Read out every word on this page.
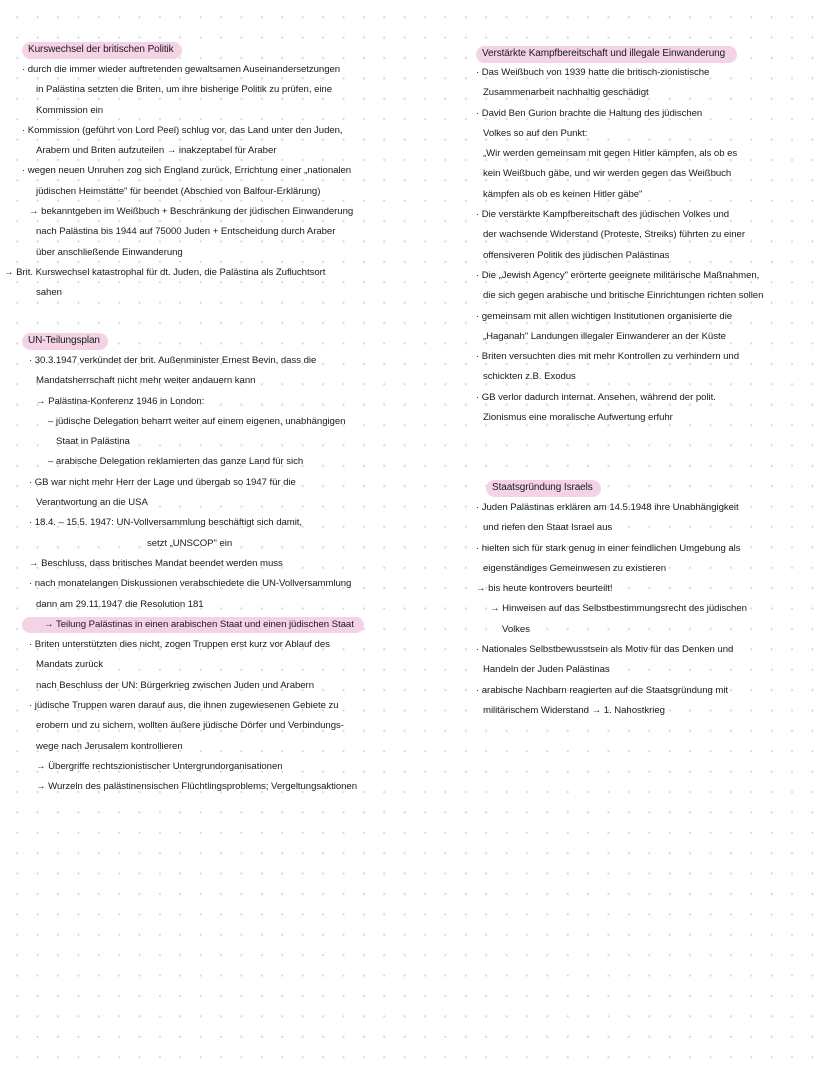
Kurswechsel der britischen Politik
· durch die immer wieder auftretenden gewaltsamen Auseinandersetzungen
in Palästina setzten die Briten, um ihre bisherige Politik zu prüfen, eine
Kommission ein
· Kommission (geführt von Lord Peel) schlug vor, das Land unter den Juden,
Arabern und Briten aufzuteilen → inakzeptabel für Araber
· wegen neuen Unruhen zog sich England zurück, Errichtung einer „nationalen
jüdischen Heimstätte" für beendet (Abschied von Balfour-Erklärung)
→ bekanntgeben im Weißbuch + Beschränkung der jüdischen Einwanderung
nach Palästina bis 1944 auf 75000 Juden + Entscheidung durch Araber
über anschließende Einwanderung
→ Brit. Kurswechsel katastrophal für dt. Juden, die Palästina als Zufluchtsort
sahen
UN-Teilungsplan
· 30.3.1947 verkündet der brit. Außenminister Ernest Bevin, dass die
Mandatsherrschaft nicht mehr weiter andauern kann
→ Palästina-Konferenz 1946 in London:
– jüdische Delegation beharrt weiter auf einem eigenen, unabhängigen
Staat in Palästina
– arabische Delegation reklamierten das ganze Land für sich
· GB war nicht mehr Herr der Lage und übergab so 1947 für die
Verantwortung an die USA
· 18.4. – 15.5. 1947: UN-Vollversammlung beschäftigt sich damit,
setzt „UNSCOP" ein
→ Beschluss, dass britisches Mandat beendet werden muss
· nach monatelangen Diskussionen verabschiedete die UN-Vollversammlung
dann am 29.11.1947 die Resolution 181
→ Teilung Palästinas in einen arabischen Staat und einen jüdischen Staat
· Briten unterstützten dies nicht, zogen Truppen erst kurz vor Ablauf des
Mandats zurück
nach Beschluss der UN: Bürgerkrieg zwischen Juden und Arabern
· jüdische Truppen waren darauf aus, die ihnen zugewiesenen Gebiete zu
erobern und zu sichern, wollten äußere jüdische Dörfer und Verbindungs-
wege nach Jerusalem kontrollieren
→ Übergriffe rechtszionistischer Untergrundorganisationen
→ Wurzeln des palästinensischen Flüchtlingsproblems; Vergeltungsaktionen
Verstärkte Kampfbereitschaft und illegale Einwanderung
· Das Weißbuch von 1939 hatte die britisch-zionistische
Zusammenarbeit nachhaltig geschädigt
· David Ben Gurion brachte die Haltung des jüdischen
Volkes so auf den Punkt:
„Wir werden gemeinsam mit gegen Hitler kämpfen, als ob es
kein Weißbuch gäbe, und wir werden gegen das Weißbuch
kämpfen als ob es keinen Hitler gäbe"
· Die verstärkte Kampfbereitschaft des jüdischen Volkes und
der wachsende Widerstand (Proteste, Streiks) führten zu einer
offensiveren Politik des jüdischen Palästinas
· Die „Jewish Agency" erörterte geeignete militärische Maßnahmen,
die sich gegen arabische und britische Einrichtungen richten sollen
· gemeinsam mit allen wichtigen Institutionen organisierte die
„Haganah" Landungen illegaler Einwanderer an der Küste
· Briten versuchten dies mit mehr Kontrollen zu verhindern und
schickten z.B. Exodus
· GB verlor dadurch internat. Ansehen, während der polit.
Zionismus eine moralische Aufwertung erfuhr
Staatsgründung Israels
· Juden Palästinas erklären am 14.5.1948 ihre Unabhängigkeit
und riefen den Staat Israel aus
· hielten sich für stark genug in einer feindlichen Umgebung als
eigenständiges Gemeinwesen zu existieren
→ bis heute kontrovers beurteilt!
→ Hinweisen auf das Selbstbestimmungsrecht des jüdischen
Volkes
· Nationales Selbstbewusstsein als Motiv für das Denken und
Handeln der Juden Palästinas
· arabische Nachbarn reagierten auf die Staatsgründung mit
militärischem Widerstand → 1. Nahostkrieg
